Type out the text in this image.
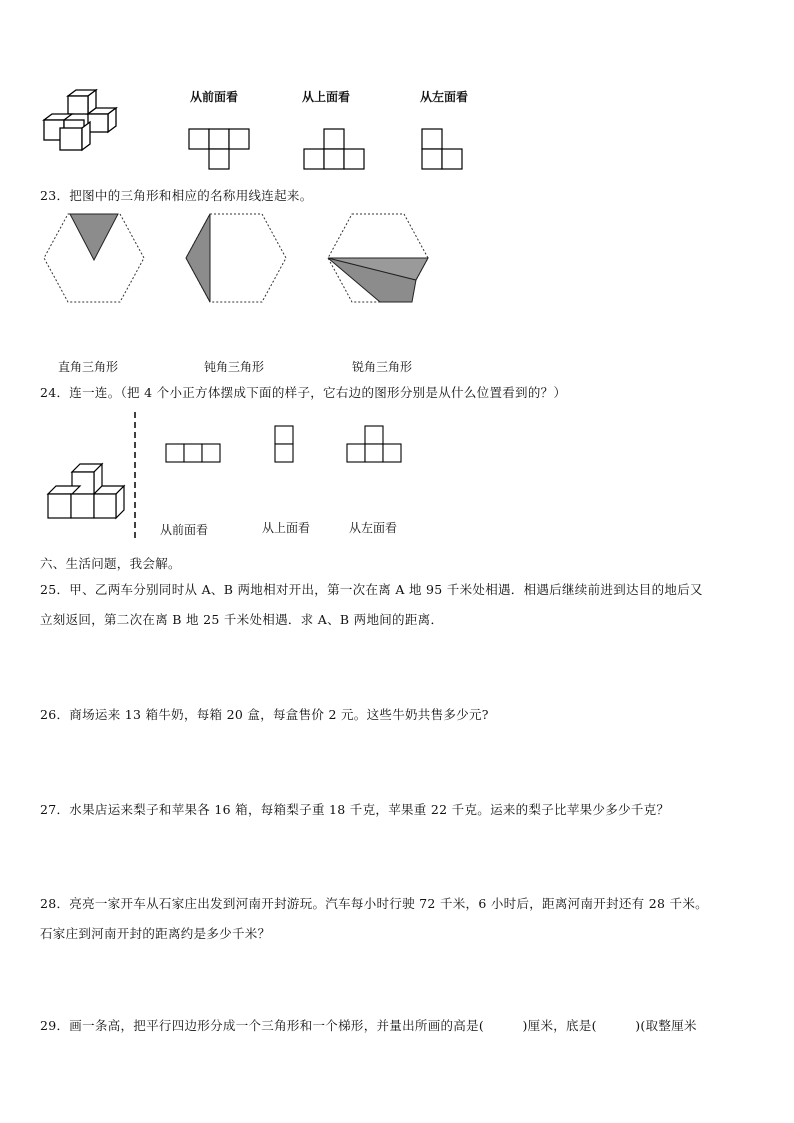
从前面看	从上面看	从左面看
23．把图中的三角形和相应的名称用线连起来。
直角三角形	钝角三角形	锐角三角形
24．连一连。（把 4 个小正方体摆成下面的样子，它右边的图形分别是从什么位置看到的？）
从前面看	从上面看	从左面看
六、生活问题，我会解。
25．甲、乙两车分别同时从 A、B 两地相对开出，第一次在离 A 地 95 千米处相遇．相遇后继续前进到达目的地后又
立刻返回，第二次在离 B 地 25 千米处相遇．求 A、B 两地间的距离．
26．商场运来 13 箱牛奶，每箱 20 盒，每盒售价 2 元。这些牛奶共售多少元?
27．水果店运来梨子和苹果各 16 箱，每箱梨子重 18 千克，苹果重 22 千克。运来的梨子比苹果少多少千克？
28．亮亮一家开车从石家庄出发到河南开封游玩。汽车每小时行驶 72 千米，6 小时后，距离河南开封还有 28 千米。
石家庄到河南开封的距离约是多少千米？
29．画一条高，把平行四边形分成一个三角形和一个梯形，并量出所画的高是(　　　)厘米，底是(　　　)(取整厘米
